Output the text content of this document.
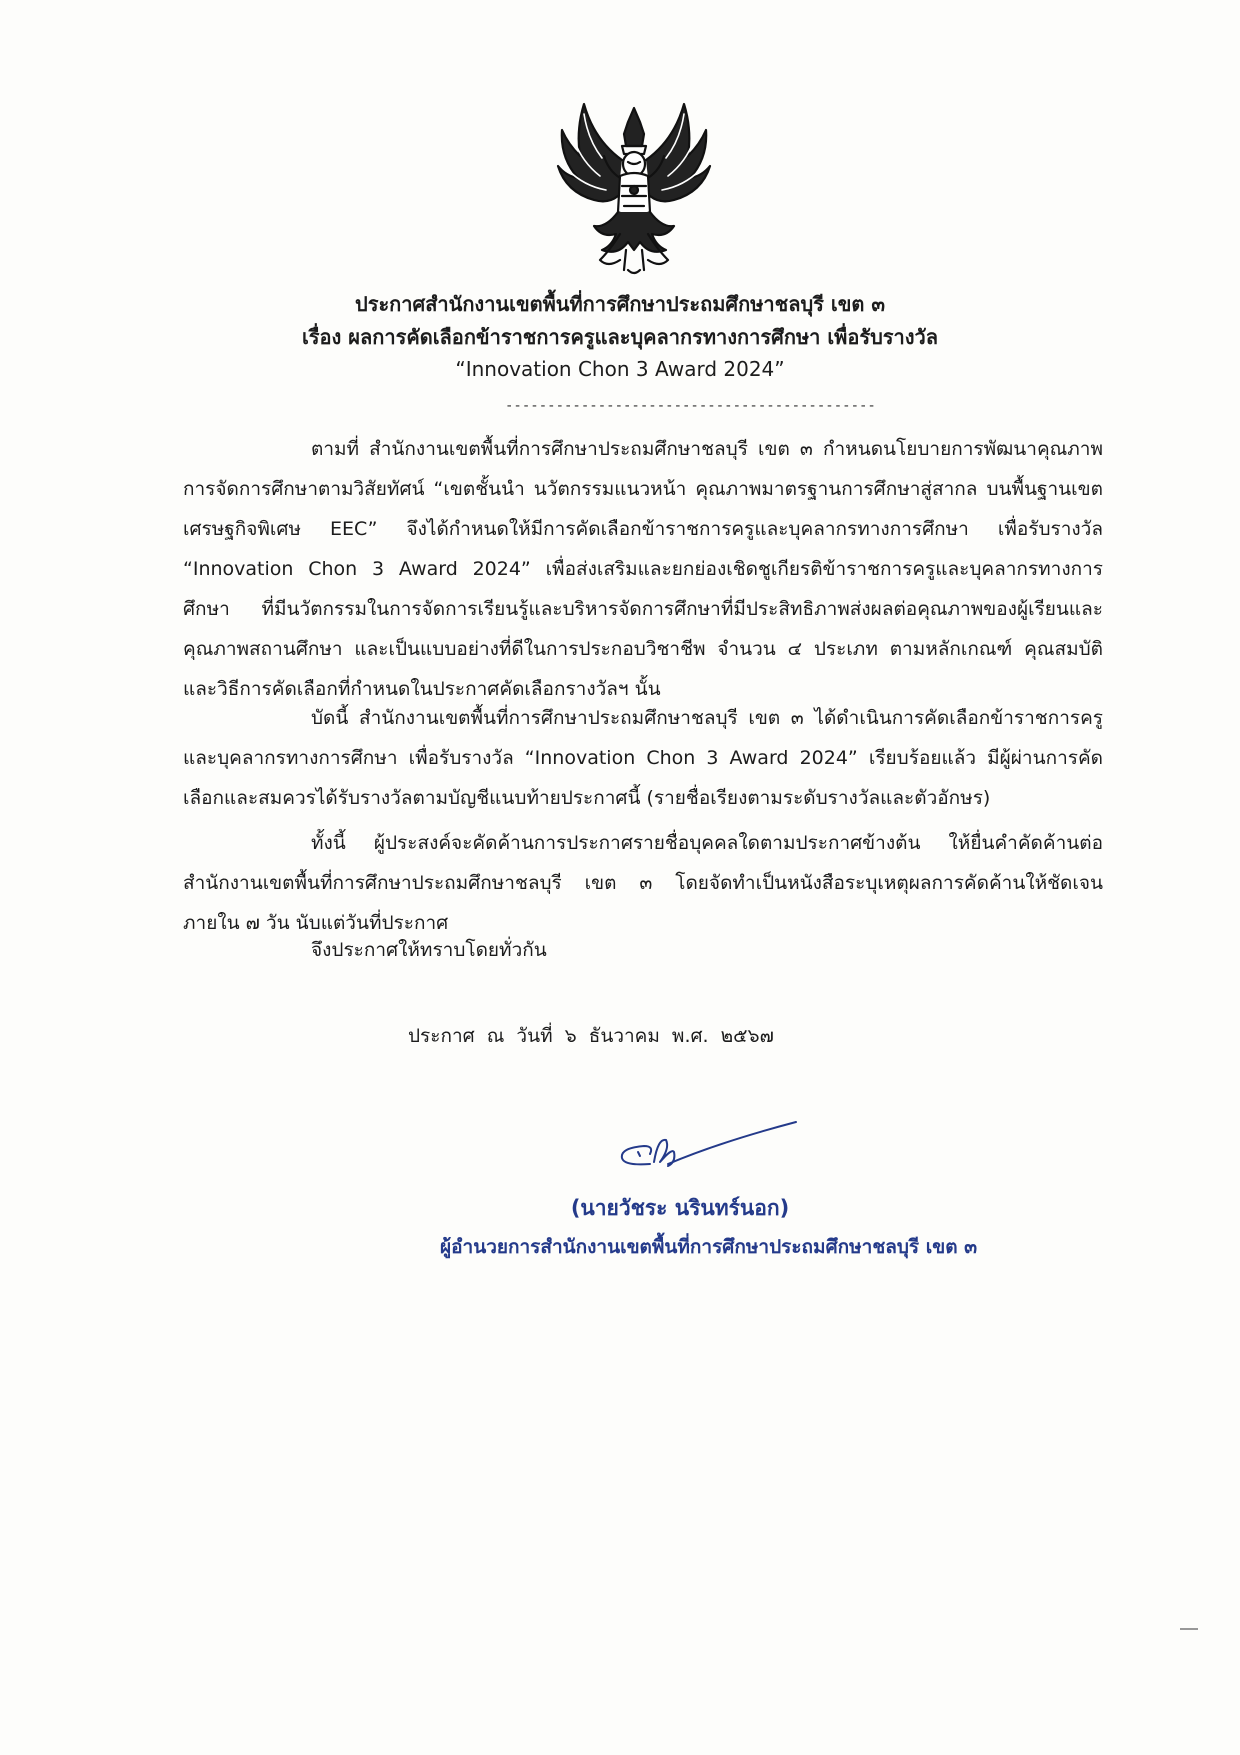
ประกาศสำนักงานเขตพื้นที่การศึกษาประถมศึกษาชลบุรี เขต ๓
เรื่อง ผลการคัดเลือกข้าราชการครูและบุคลากรทางการศึกษา เพื่อรับรางวัล
“Innovation Chon 3 Award 2024”
--------------------------------------------

ตามที่ สำนักงานเขตพื้นที่การศึกษาประถมศึกษาชลบุรี เขต ๓ กำหนดนโยบายการพัฒนาคุณภาพการจัดการศึกษาตามวิสัยทัศน์ “เขตชั้นนำ นวัตกรรมแนวหน้า คุณภาพมาตรฐานการศึกษาสู่สากล บนพื้นฐานเขตเศรษฐกิจพิเศษ EEC” จึงได้กำหนดให้มีการคัดเลือกข้าราชการครูและบุคลากรทางการศึกษา เพื่อรับรางวัล “Innovation Chon 3 Award 2024” เพื่อส่งเสริมและยกย่องเชิดชูเกียรติข้าราชการครูและบุคลากรทางการศึกษา ที่มีนวัตกรรมในการจัดการเรียนรู้และบริหารจัดการศึกษาที่มีประสิทธิภาพส่งผลต่อคุณภาพของผู้เรียนและคุณภาพสถานศึกษา และเป็นแบบอย่างที่ดีในการประกอบวิชาชีพ จำนวน ๔ ประเภท ตามหลักเกณฑ์ คุณสมบัติ และวิธีการคัดเลือกที่กำหนดในประกาศคัดเลือกรางวัลฯ นั้น

บัดนี้ สำนักงานเขตพื้นที่การศึกษาประถมศึกษาชลบุรี เขต ๓ ได้ดำเนินการคัดเลือกข้าราชการครูและบุคลากรทางการศึกษา เพื่อรับรางวัล “Innovation Chon 3 Award 2024” เรียบร้อยแล้ว มีผู้ผ่านการคัดเลือกและสมควรได้รับรางวัลตามบัญชีแนบท้ายประกาศนี้ (รายชื่อเรียงตามระดับรางวัลและตัวอักษร)

ทั้งนี้ ผู้ประสงค์จะคัดค้านการประกาศรายชื่อบุคคลใดตามประกาศข้างต้น ให้ยื่นคำคัดค้านต่อสำนักงานเขตพื้นที่การศึกษาประถมศึกษาชลบุรี เขต ๓ โดยจัดทำเป็นหนังสือระบุเหตุผลการคัดค้านให้ชัดเจน ภายใน ๗ วัน นับแต่วันที่ประกาศ

จึงประกาศให้ทราบโดยทั่วกัน

ประกาศ ณ วันที่ ๖ ธันวาคม พ.ศ. ๒๕๖๗
(นายวัชระ นรินทร์นอก)
ผู้อำนวยการสำนักงานเขตพื้นที่การศึกษาประถมศึกษาชลบุรี เขต ๓
